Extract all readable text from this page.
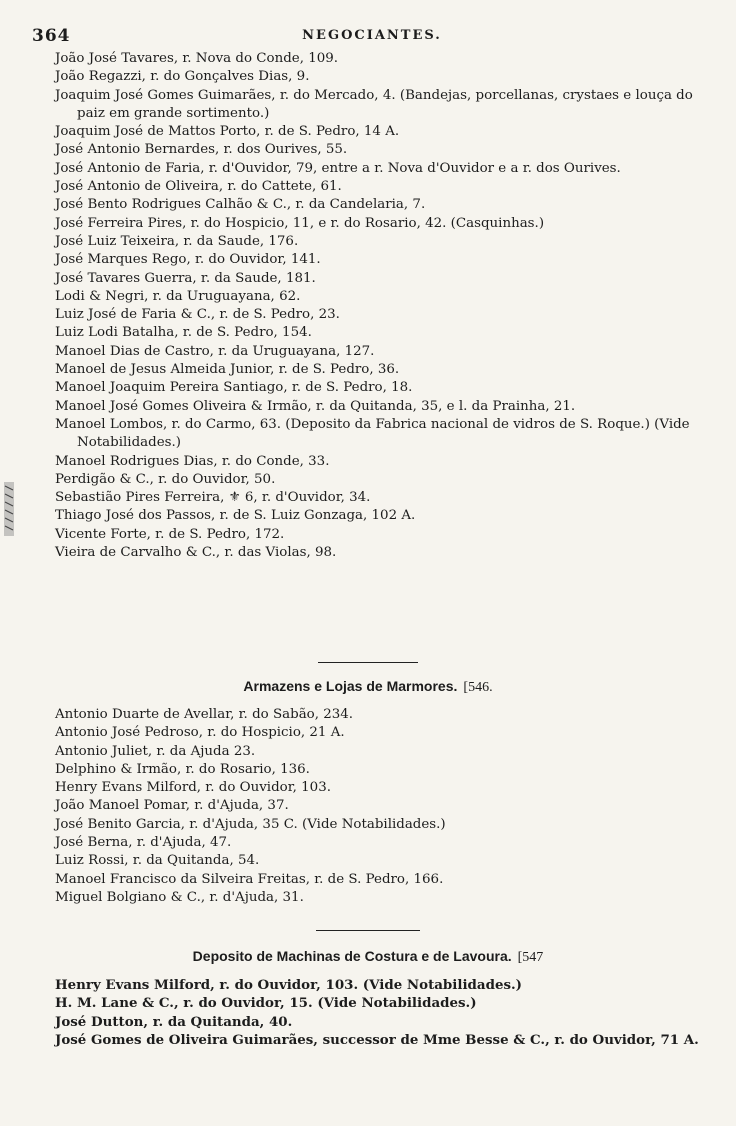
364	NEGOCIANTES.
João José Tavares, r. Nova do Conde, 109.
João Regazzi, r. do Gonçalves Dias, 9.
Joaquim José Gomes Guimarães, r. do Mercado, 4. (Bandejas, porcellanas, crystaes e louça do paiz em grande sortimento.)
Joaquim José de Mattos Porto, r. de S. Pedro, 14 A.
José Antonio Bernardes, r. dos Ourives, 55.
José Antonio de Faria, r. d'Ouvidor, 79, entre a r. Nova d'Ouvidor e a r. dos Ourives.
José Antonio de Oliveira, r. do Cattete, 61.
José Bento Rodrigues Calhão & C., r. da Candelaria, 7.
José Ferreira Pires, r. do Hospicio, 11, e r. do Rosario, 42. (Casquinhas.)
José Luiz Teixeira, r. da Saude, 176.
José Marques Rego, r. do Ouvidor, 141.
José Tavares Guerra, r. da Saude, 181.
Lodi & Negri, r. da Uruguayana, 62.
Luiz José de Faria & C., r. de S. Pedro, 23.
Luiz Lodi Batalha, r. de S. Pedro, 154.
Manoel Dias de Castro, r. da Uruguayana, 127.
Manoel de Jesus Almeida Junior, r. de S. Pedro, 36.
Manoel Joaquim Pereira Santiago, r. de S. Pedro, 18.
Manoel José Gomes Oliveira & Irmão, r. da Quitanda, 35, e l. da Prainha, 21.
Manoel Lombos, r. do Carmo, 63. (Deposito da Fabrica nacional de vidros de S. Roque.) (Vide Notabilidades.)
Manoel Rodrigues Dias, r. do Conde, 33.
Perdigão & C., r. do Ouvidor, 50.
Sebastião Pires Ferreira, ⚜ 6, r. d'Ouvidor, 34.
Thiago José dos Passos, r. de S. Luiz Gonzaga, 102 A.
Vicente Forte, r. de S. Pedro, 172.
Vieira de Carvalho & C., r. das Violas, 98.
Armazens e Lojas de Marmores. [546.
Antonio Duarte de Avellar, r. do Sabão, 234.
Antonio José Pedroso, r. do Hospicio, 21 A.
Antonio Juliet, r. da Ajuda 23.
Delphino & Irmão, r. do Rosario, 136.
Henry Evans Milford, r. do Ouvidor, 103.
João Manoel Pomar, r. d'Ajuda, 37.
José Benito Garcia, r. d'Ajuda, 35 C. (Vide Notabilidades.)
José Berna, r. d'Ajuda, 47.
Luiz Rossi, r. da Quitanda, 54.
Manoel Francisco da Silveira Freitas, r. de S. Pedro, 166.
Miguel Bolgiano & C., r. d'Ajuda, 31.
Deposito de Machinas de Costura e de Lavoura. [547
Henry Evans Milford, r. do Ouvidor, 103. (Vide Notabilidades.)
H. M. Lane & C., r. do Ouvidor, 15. (Vide Notabilidades.)
José Dutton, r. da Quitanda, 40.
José Gomes de Oliveira Guimarães, successor de Mme Besse & C., r. do Ouvidor, 71 A.
